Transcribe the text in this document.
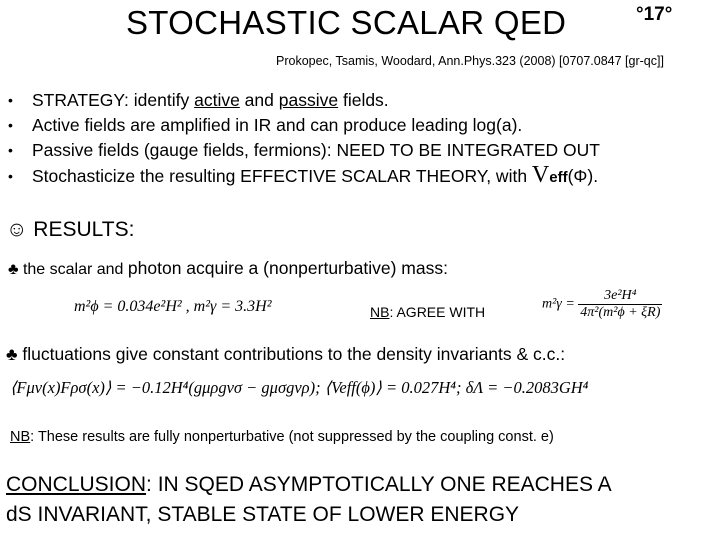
STOCHASTIC SCALAR QED	°17°
Prokopec, Tsamis, Woodard, Ann.Phys.323 (2008) [0707.0847 [gr-qc]]
• STRATEGY: identify active and passive fields.
• Active fields are amplified in IR and can produce leading log(a).
• Passive fields (gauge fields, fermions): NEED TO BE INTEGRATED OUT
• Stochasticize the resulting EFFECTIVE SCALAR THEORY, with Veff(Φ).
☺ RESULTS:
♣ the scalar and photon acquire a (nonperturbative) mass:
m²ϕ = 0.034e²H² , m²γ = 3.3H²	NB: AGREE WITH	$m^2\gamma = \frac{\text{3e²H⁴}}{\text{4π²(m²ϕ + ξR)}}$
♣ fluctuations give constant contributions to the density invariants & c.c.:
⟨Fμν(x)Fρσ(x)⟩ = −0.12H⁴(gμρgνσ − gμσgνρ); ⟨Veff(ϕ)⟩ = 0.027H⁴; δΛ = −0.2083GH⁴
NB: These results are fully nonperturbative (not suppressed by the coupling const. e)
CONCLUSION: IN SQED ASYMPTOTICALLY ONE REACHES A
dS INVARIANT, STABLE STATE OF LOWER ENERGY
